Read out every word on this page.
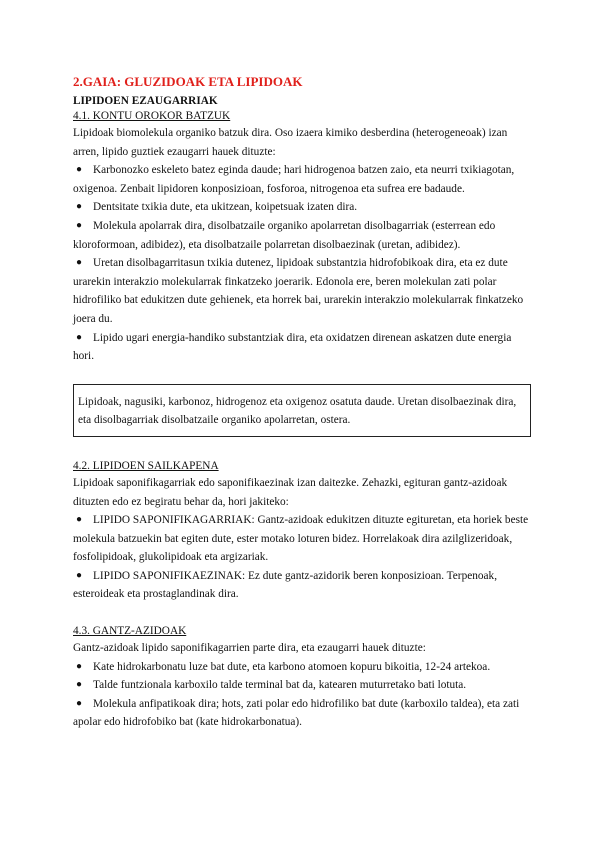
2.GAIA: GLUZIDOAK ETA LIPIDOAK
LIPIDOEN EZAUGARRIAK
4.1. KONTU OROKOR BATZUK

Lipidoak biomolekula organiko batzuk dira. Oso izaera kimiko desberdina (heterogeneoak) izan arren, lipido guztiek ezaugarri hauek dituzte:

● Karbonozko eskeleto batez eginda daude; hari hidrogenoa batzen zaio, eta neurri txikiagotan, oxigenoa. Zenbait lipidoren konposizioan, fosforoa, nitrogenoa eta sufrea ere badaude.
● Dentsitate txikia dute, eta ukitzean, koipetsuak izaten dira.
● Molekula apolarrak dira, disolbatzaile organiko apolarretan disolbagarriak (esterrean edo kloroformoan, adibidez), eta disolbatzaile polarretan disolbaezinak (uretan, adibidez).
● Uretan disolbagarritasun txikia dutenez, lipidoak substantzia hidrofobikoak dira, eta ez dute urarekin interakzio molekularrak finkatzeko joerarik. Edonola ere, beren molekulan zati polar hidrofiliko bat edukitzen dute gehienek, eta horrek bai, urarekin interakzio molekularrak finkatzeko joera du.
● Lipido ugari energia-handiko substantziak dira, eta oxidatzen direnean askatzen dute energia hori.
Lipidoak, nagusiki, karbonoz, hidrogenoz eta oxigenoz osatuta daude. Uretan disolbaezinak dira, eta disolbagarriak disolbatzaile organiko apolarretan, ostera.
4.2. LIPIDOEN SAILKAPENA

Lipidoak saponifikagarriak edo saponifikaezinak izan daitezke. Zehazki, egituran gantz-azidoak dituzten edo ez begiratu behar da, hori jakiteko:

● LIPIDO SAPONIFIKAGARRIAK: Gantz-azidoak edukitzen dituzte egituretan, eta horiek beste molekula batzuekin bat egiten dute, ester motako loturen bidez. Horrelakoak dira azilglizeridoak, fosfolipidoak, glukolipidoak eta argizariak.
● LIPIDO SAPONIFIKAEZINAK: Ez dute gantz-azidorik beren konposizioan. Terpenoak, esteroideak eta prostaglandinak dira.
4.3. GANTZ-AZIDOAK

Gantz-azidoak lipido saponifikagarrien parte dira, eta ezaugarri hauek dituzte:

● Kate hidrokarbonatu luze bat dute, eta karbono atomoen kopuru bikoitia, 12-24 artekoa.
● Talde funtzionala karboxilo talde terminal bat da, katearen muturretako bati lotuta.
● Molekula anfipatikoak dira; hots, zati polar edo hidrofiliko bat dute (karboxilo taldea), eta zati apolar edo hidrofobiko bat (kate hidrokarbonatua).
